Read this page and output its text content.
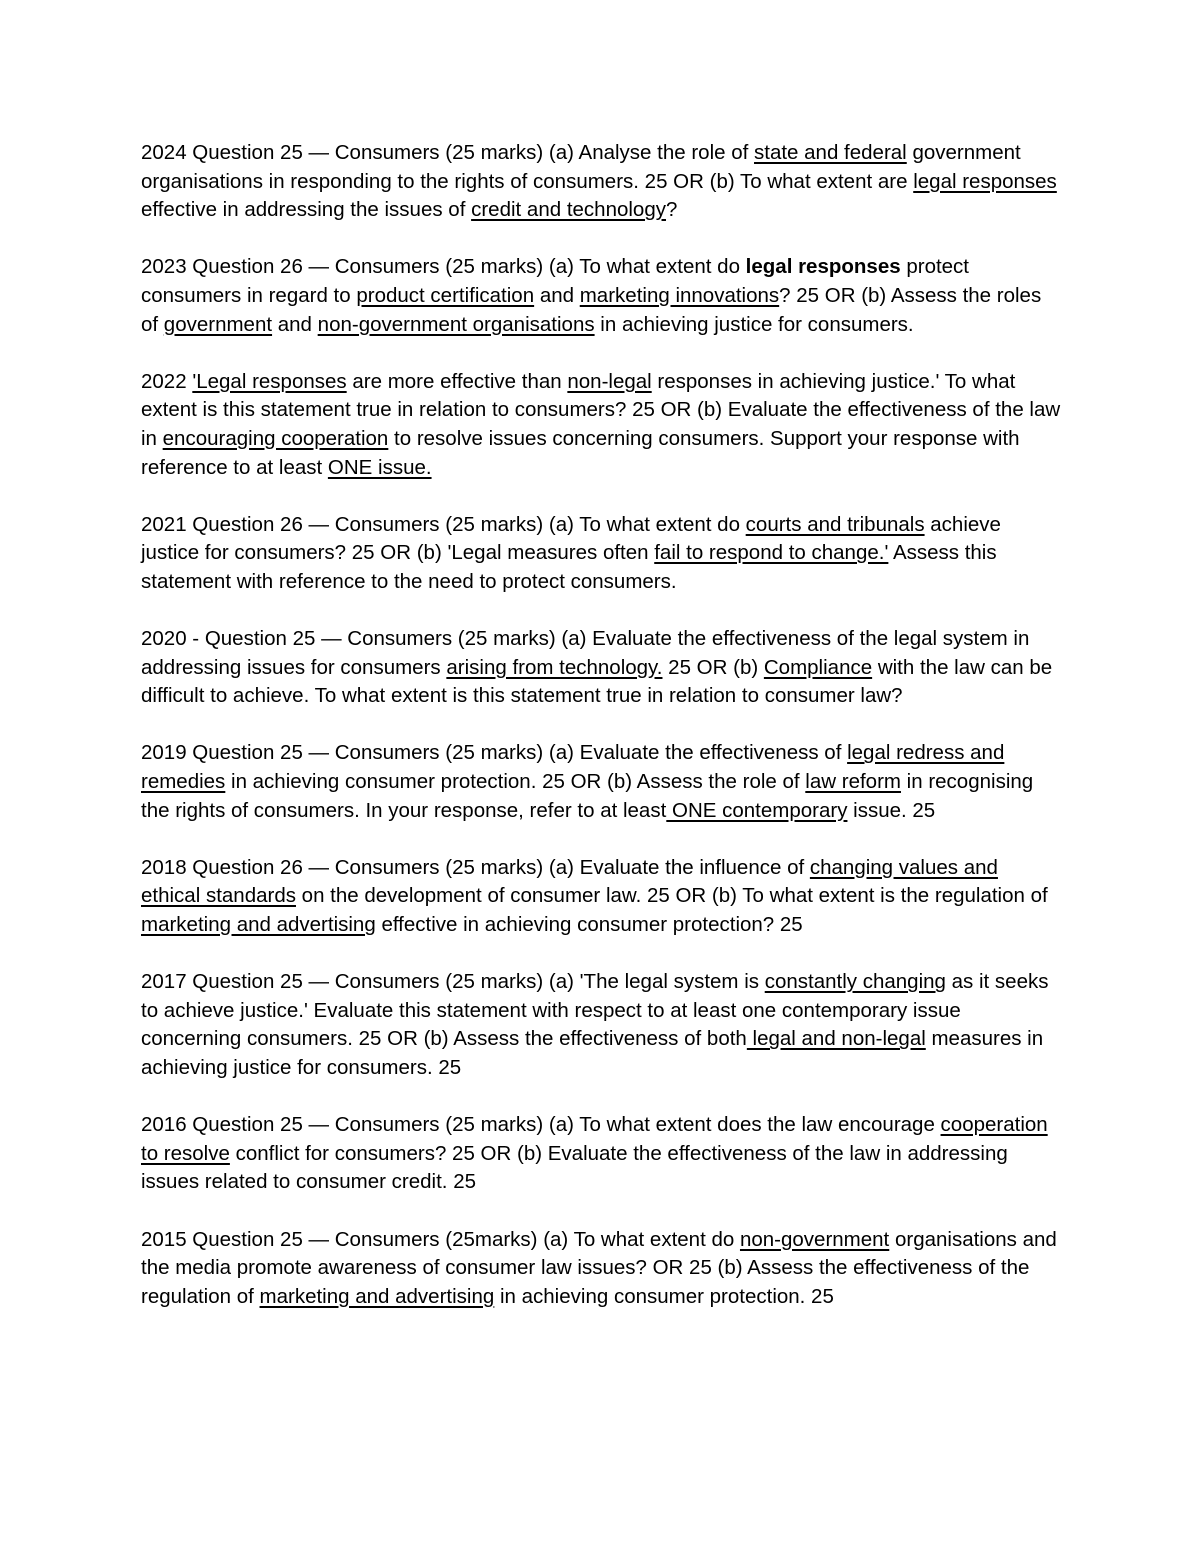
2024 Question 25 — Consumers (25 marks) (a) Analyse the role of state and federal government organisations in responding to the rights of consumers. 25 OR (b) To what extent are legal responses effective in addressing the issues of credit and technology?

2023 Question 26 — Consumers (25 marks) (a) To what extent do legal responses protect consumers in regard to product certification and marketing innovations? 25 OR (b) Assess the roles of government and non-government organisations in achieving justice for consumers.

2022 'Legal responses are more effective than non-legal responses in achieving justice.' To what extent is this statement true in relation to consumers? 25 OR (b) Evaluate the effectiveness of the law in encouraging cooperation to resolve issues concerning consumers. Support your response with reference to at least ONE issue.

2021 Question 26 — Consumers (25 marks) (a) To what extent do courts and tribunals achieve justice for consumers? 25 OR (b) 'Legal measures often fail to respond to change.' Assess this statement with reference to the need to protect consumers.

2020 - Question 25 — Consumers (25 marks) (a) Evaluate the effectiveness of the legal system in addressing issues for consumers arising from technology. 25 OR (b) Compliance with the law can be difficult to achieve. To what extent is this statement true in relation to consumer law?

2019 Question 25 — Consumers (25 marks) (a) Evaluate the effectiveness of legal redress and remedies in achieving consumer protection. 25 OR (b) Assess the role of law reform in recognising the rights of consumers. In your response, refer to at least ONE contemporary issue. 25

2018 Question 26 — Consumers (25 marks) (a) Evaluate the influence of changing values and ethical standards on the development of consumer law. 25 OR (b) To what extent is the regulation of marketing and advertising effective in achieving consumer protection? 25

2017 Question 25 — Consumers (25 marks) (a) 'The legal system is constantly changing as it seeks to achieve justice.' Evaluate this statement with respect to at least one contemporary issue concerning consumers. 25 OR (b) Assess the effectiveness of both legal and non-legal measures in achieving justice for consumers. 25

2016 Question 25 — Consumers (25 marks) (a) To what extent does the law encourage cooperation to resolve conflict for consumers? 25 OR (b) Evaluate the effectiveness of the law in addressing issues related to consumer credit. 25

2015 Question 25 — Consumers (25marks) (a) To what extent do non-government organisations and the media promote awareness of consumer law issues? OR 25 (b) Assess the effectiveness of the regulation of marketing and advertising in achieving consumer protection. 25
